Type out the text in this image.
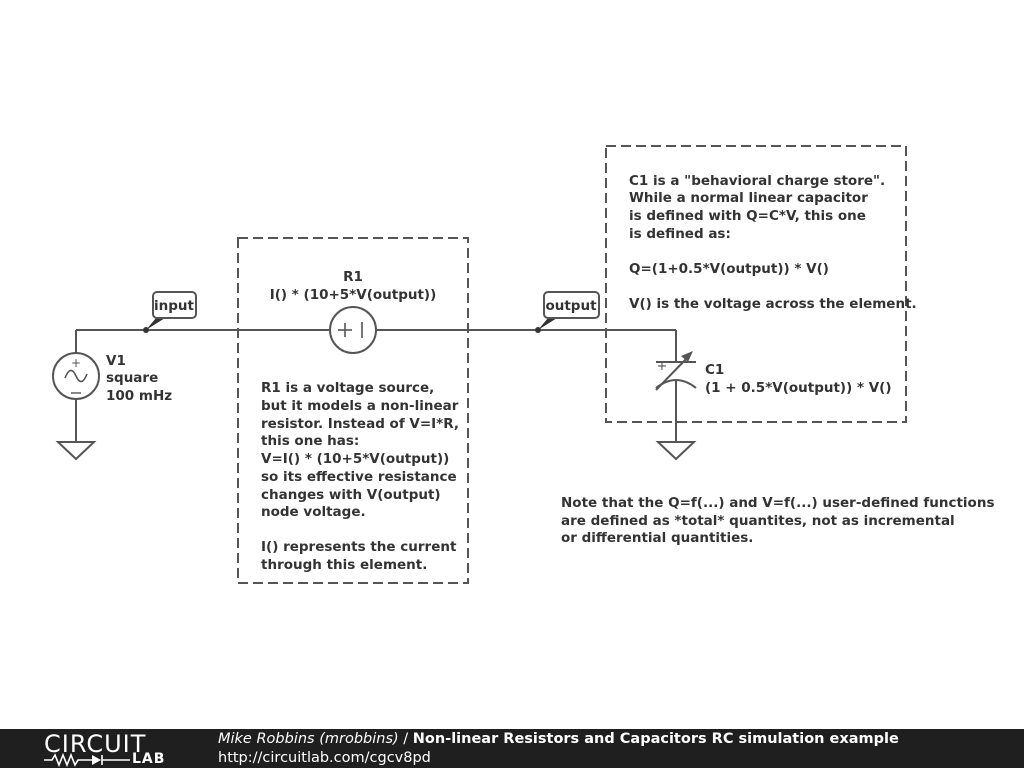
+ V1
square
100 mHz
R1
I() * (10+5*V(output))
+	C1
(1 + 0.5*V(output)) * V()
input	output
R1 is a voltage source,
but it models a non-linear
resistor. Instead of V=I*R,
this one has:
V=I() * (10+5*V(output))
so its effective resistance
changes with V(output)
node voltage.
I() represents the current
through this element.
C1 is a "behavioral charge store".
While a normal linear capacitor
is defined with Q=C*V, this one
is defined as:
Q=(1+0.5*V(output)) * V()
V() is the voltage across the element.
Note that the Q=f(...) and V=f(...) user-defined functions
are defined as *total* quantites, not as incremental
or differential quantities.
CIRCUIT
LAB
Mike Robbins (mrobbins) / Non-linear Resistors and Capacitors RC simulation example
http://circuitlab.com/cgcv8pd
